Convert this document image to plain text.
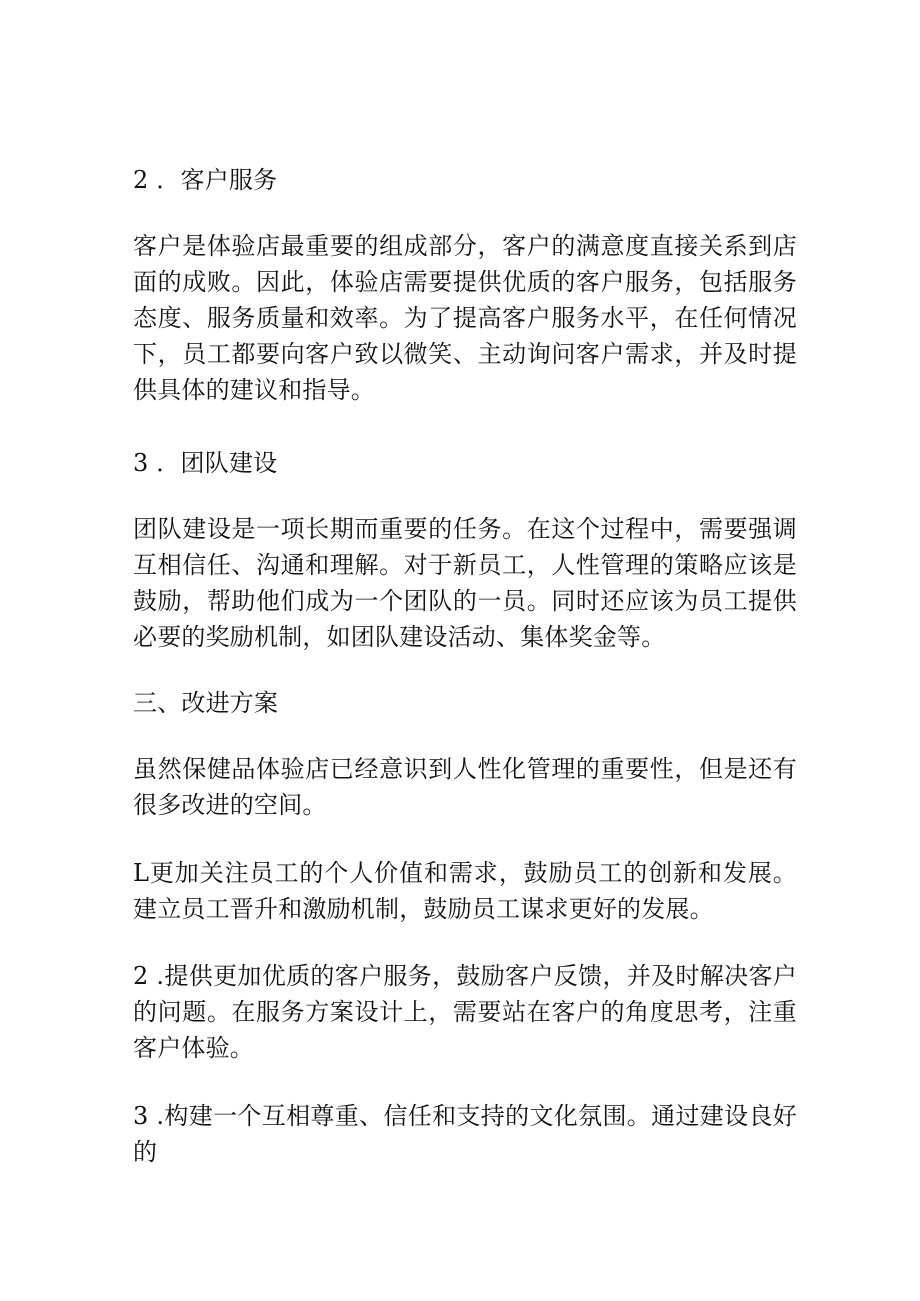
2 ．客户服务

客户是体验店最重要的组成部分，客户的满意度直接关系到店面的成败。因此，体验店需要提供优质的客户服务，包括服务态度、服务质量和效率。为了提高客户服务水平，在任何情况下，员工都要向客户致以微笑、主动询问客户需求，并及时提供具体的建议和指导。

3 ．团队建设

团队建设是一项长期而重要的任务。在这个过程中，需要强调互相信任、沟通和理解。对于新员工，人性管理的策略应该是鼓励，帮助他们成为一个团队的一员。同时还应该为员工提供必要的奖励机制，如团队建设活动、集体奖金等。

三、改进方案

虽然保健品体验店已经意识到人性化管理的重要性，但是还有很多改进的空间。

L更加关注员工的个人价值和需求，鼓励员工的创新和发展。建立员工晋升和激励机制，鼓励员工谋求更好的发展。

2 .提供更加优质的客户服务，鼓励客户反馈，并及时解决客户的问题。在服务方案设计上，需要站在客户的角度思考，注重客户体验。

3 .构建一个互相尊重、信任和支持的文化氛围。通过建设良好的
